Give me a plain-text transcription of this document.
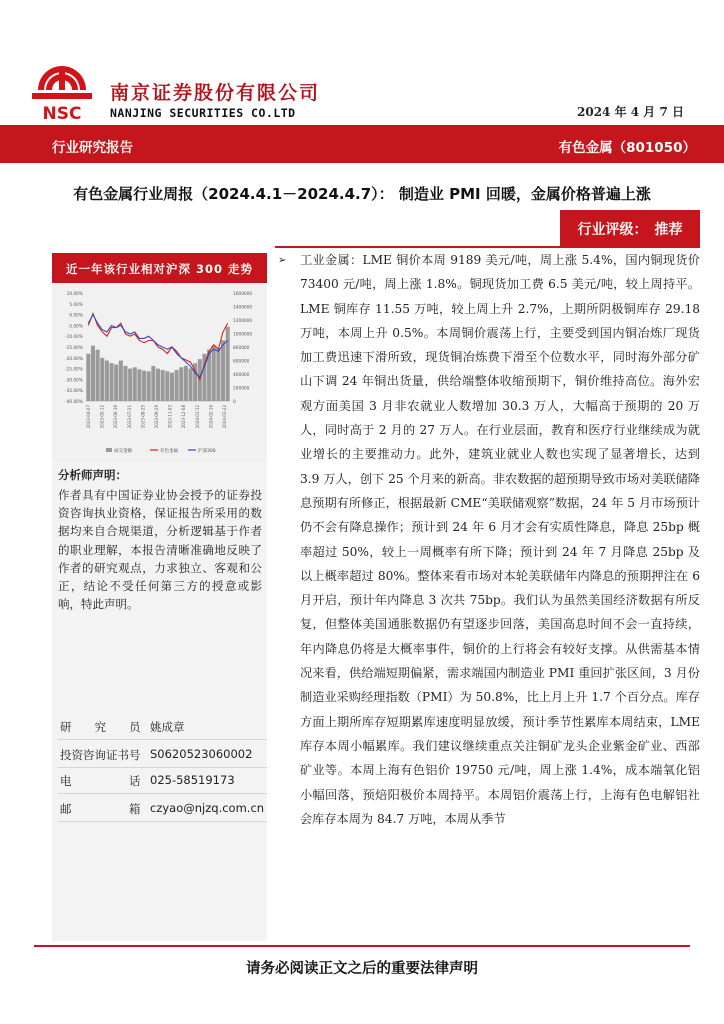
NSC
南京证券股份有限公司
NANJING SECURITIES CO.LTD	2024 年 4 月 7 日
行业研究报告	有色金属（801050）
有色金属行业周报（2024.4.1－2024.4.7）： 制造业 PMI 回暖，金属价格普遍上涨
行业评级：　推荐
近一年该行业相对沪深 300 走势
10.00%
5.00%
0.00%
-5.00%
-10.00%
-15.00%
-20.00%
-25.00%
-30.00%
-35.00%
-40.00%
1600000
1400000
1200000
1000000
800000
600000
400000
200000
0
2023-04-07 2023-05-12 2023-06-16 2023-07-21 2023-08-25 2023-09-29 2023-11-03 2023-12-08 2024-01-12 2024-02-16 2024-03-22
成交金额	有色金属	沪深300
分析师声明：
作者具有中国证券业协会授予的证券投资咨询执业资格，保证报告所采用的数据均来自合规渠道，分析逻辑基于作者的职业理解，本报告清晰准确地反映了作者的研究观点，力求独立、客观和公正，结论不受任何第三方的授意或影响，特此声明。
研　　究　　员 姚成章
投资咨询证书号 S0620523060002
电　　　　　话 025-58519173
邮　　　　　箱 czyao@njzq.com.cn
➢ 工业金属：LME 铜价本周 9189 美元/吨，周上涨 5.4%，国内铜现货价 73400 元/吨，周上涨 1.8%。铜现货加工费 6.5 美元/吨，较上周持平。LME 铜库存 11.55 万吨，较上周上升 2.7%，上期所阴极铜库存 29.18 万吨，本周上升 0.5%。本周铜价震荡上行，主要受到国内铜冶炼厂现货加工费迅速下滑所致，现货铜冶炼费下滑至个位数水平，同时海外部分矿山下调 24 年铜出货量，供给端整体收缩预期下，铜价维持高位。海外宏观方面美国 3 月非农就业人数增加 30.3 万人，大幅高于预期的 20 万人，同时高于 2 月的 27 万人。在行业层面，教育和医疗行业继续成为就业增长的主要推动力。此外，建筑业就业人数也实现了显著增长，达到 3.9 万人，创下 25 个月来的新高。非农数据的超预期导致市场对美联储降息预期有所修正，根据最新 CME“美联储观察”数据，24 年 5 月市场预计仍不会有降息操作；预计到 24 年 6 月才会有实质性降息，降息 25bp 概率超过 50%，较上一周概率有所下降；预计到 24 年 7 月降息 25bp 及以上概率超过 80%。整体来看市场对本轮美联储年内降息的预期押注在 6 月开启，预计年内降息 3 次共 75bp。我们认为虽然美国经济数据有所反复，但整体美国通胀数据仍有望逐步回落，美国高息时间不会一直持续，年内降息仍将是大概率事件，铜价的上行将会有较好支撑。从供需基本情况来看，供给端短期偏紧，需求端国内制造业 PMI 重回扩张区间，3 月份制造业采购经理指数（PMI）为 50.8%，比上月上升 1.7 个百分点。库存方面上期所库存短期累库速度明显放缓，预计季节性累库本周结束，LME 库存本周小幅累库。我们建议继续重点关注铜矿龙头企业紫金矿业、西部矿业等。本周上海有色铝价 19750 元/吨，周上涨 1.4%，成本端氧化铝小幅回落，预焙阳极价本周持平。本周铝价震荡上行，上海有色电解铝社会库存本周为 84.7 万吨，本周从季节
请务必阅读正文之后的重要法律声明
